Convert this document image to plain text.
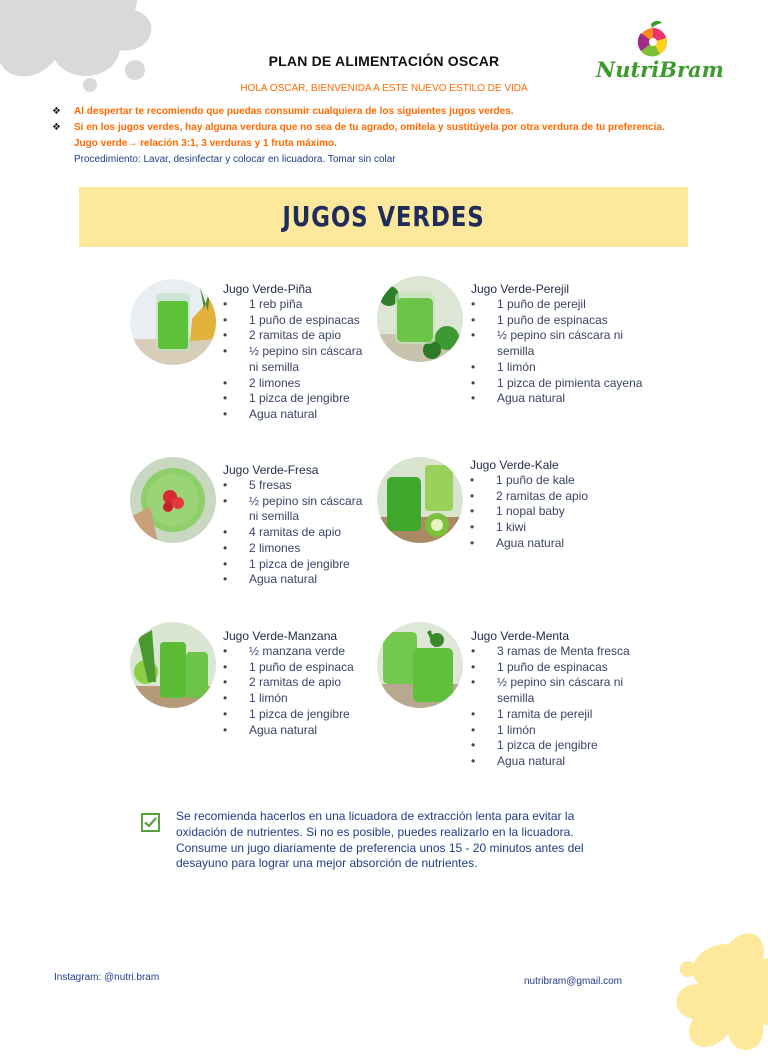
PLAN DE ALIMENTACIÓN OSCAR	NutriBram
HOLA OSCAR, BIENVENIDA A ESTE NUEVO ESTILO DE VIDA
❖ Al despertar te recomiendo que puedas consumir cualquiera de los siguientes jugos verdes.
❖ Si en los jugos verdes, hay alguna verdura que no sea de tu agrado, omítela y sustitúyela por otra verdura de tu preferencia.
Jugo verde→ relación 3:1, 3 verduras y 1 fruta máximo.
Procedimiento: Lavar, desinfectar y colocar en licuadora. Tomar sin colar
JUGOS VERDES
Jugo Verde-Piña
• 1 reb piña
• 1 puño de espinacas
• 2 ramitas de apio
• ½ pepino sin cáscara ni semilla
• 2 limones
• 1 pizca de jengibre
• Agua natural
Jugo Verde-Perejil
• 1 puño de perejil
• 1 puño de espinacas
• ½ pepino sin cáscara ni semilla
• 1 limón
• 1 pizca de pimienta cayena
• Agua natural
Jugo Verde-Fresa
• 5 fresas
• ½ pepino sin cáscara ni semilla
• 4 ramitas de apio
• 2 limones
• 1 pizca de jengibre
• Agua natural
Jugo Verde-Kale
• 1 puño de kale
• 2 ramitas de apio
• 1 nopal baby
• 1 kiwi
• Agua natural
Jugo Verde-Manzana
• ½ manzana verde
• 1 puño de espinaca
• 2 ramitas de apio
• 1 limón
• 1 pizca de jengibre
• Agua natural
Jugo Verde-Menta
• 3 ramas de Menta fresca
• 1 puño de espinacas
• ½ pepino sin cáscara ni semilla
• 1 ramita de perejil
• 1 limón
• 1 pizca de jengibre
• Agua natural
Se recomienda hacerlos en una licuadora de extracción lenta para evitar la
oxidación de nutrientes. Si no es posible, puedes realizarlo en la licuadora.
Consume un jugo diariamente de preferencia unos 15 - 20 minutos antes del
desayuno para lograr una mejor absorción de nutrientes.
Instagram: @nutri.bram	nutribram@gmail.com
